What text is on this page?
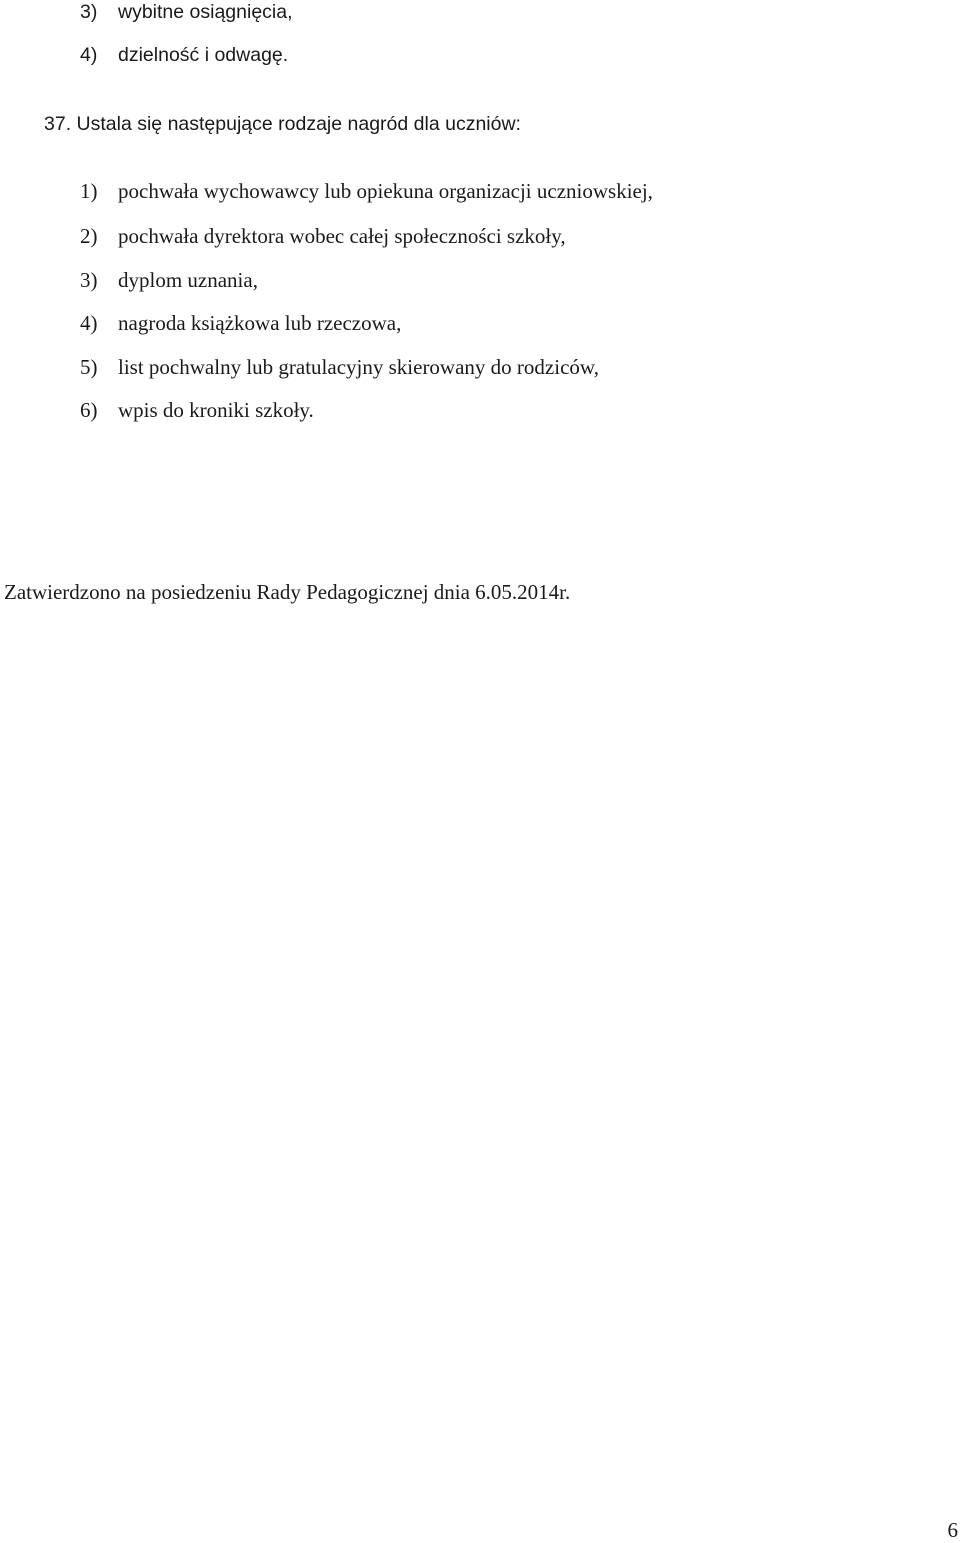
3) wybitne osiągnięcia,
4) dzielność i odwagę.
37. Ustala się następujące rodzaje nagród dla uczniów:
1) pochwała wychowawcy lub opiekuna organizacji uczniowskiej,
2) pochwała dyrektora wobec całej społeczności szkoły,
3) dyplom uznania,
4) nagroda książkowa lub rzeczowa,
5) list pochwalny lub gratulacyjny skierowany do rodziców,
6) wpis do kroniki szkoły.
Zatwierdzono na posiedzeniu Rady Pedagogicznej dnia 6.05.2014r.
6
